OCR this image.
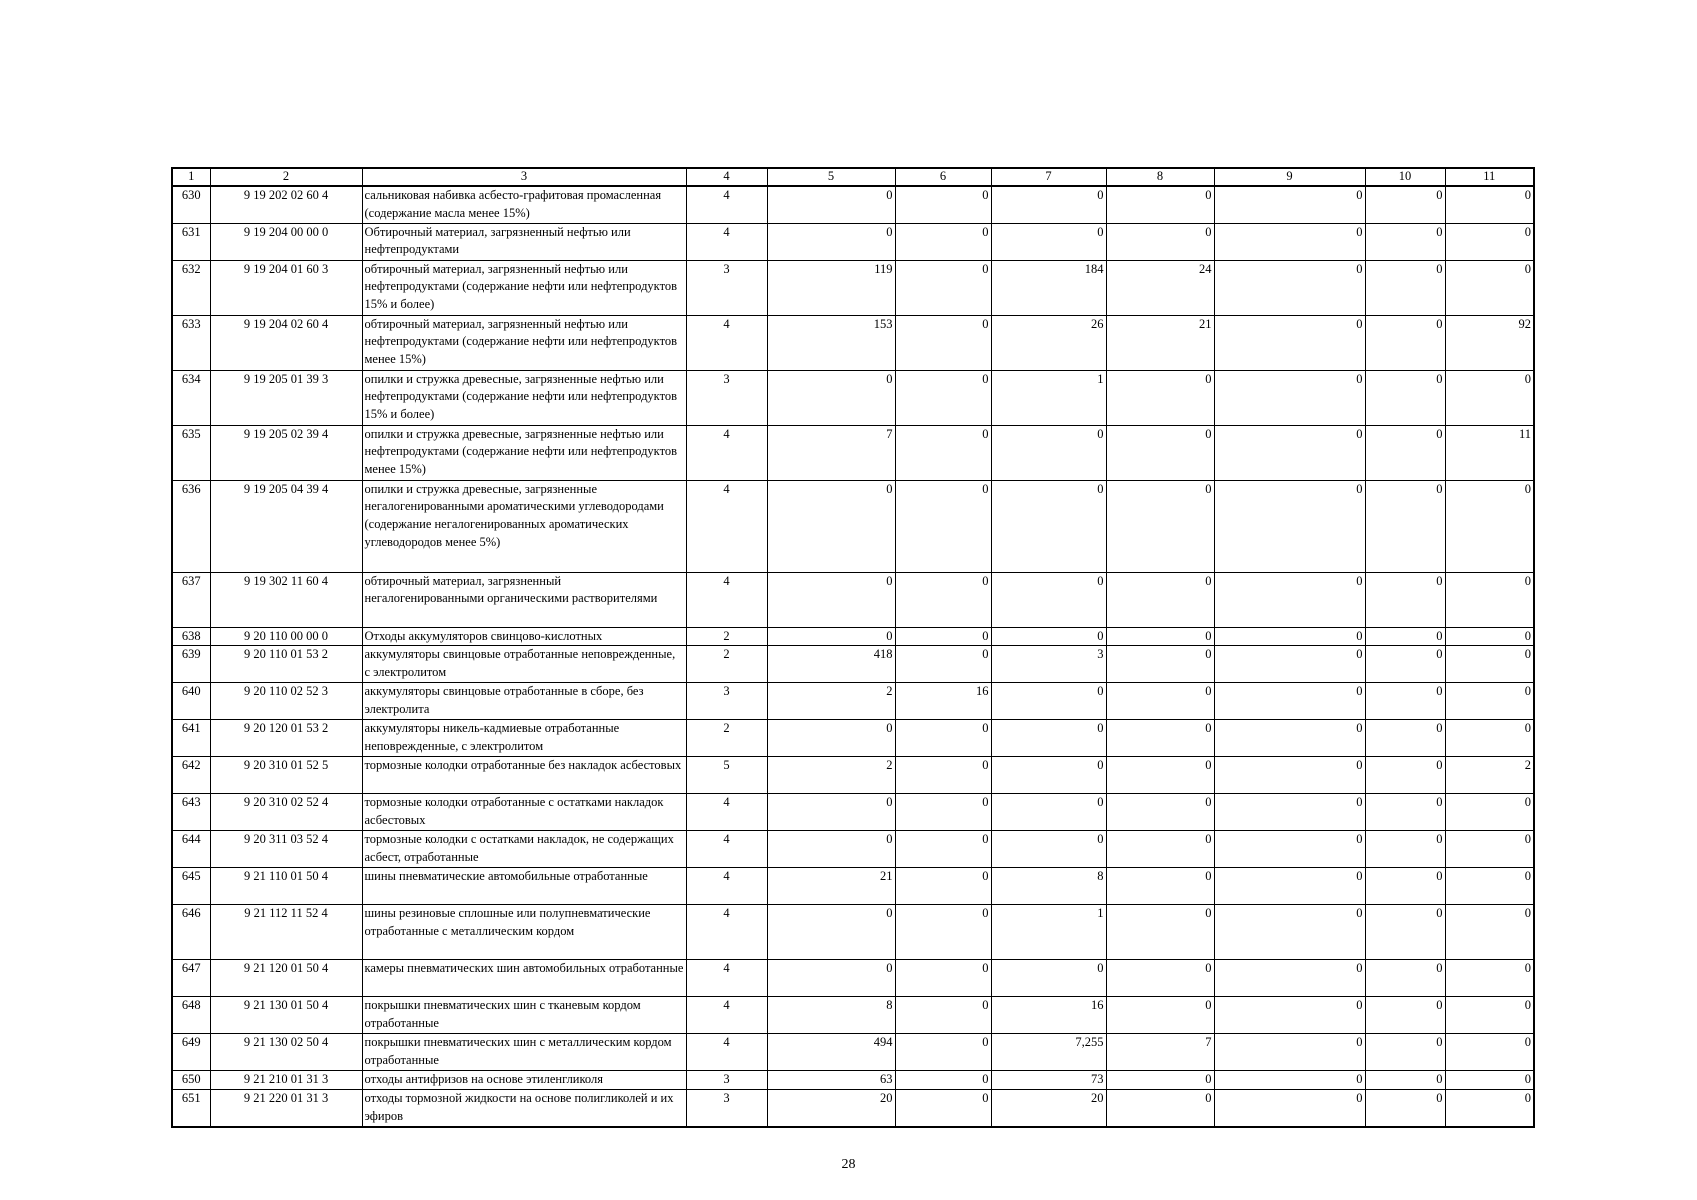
1	2	3	4	5	6	7	8	9	10	11
630	9 19 202 02 60 4	сальниковая набивка асбесто-графитовая промасленная (содержание масла менее 15%)	4	0	0	0	0	0	0	0
631	9 19 204 00 00 0	Обтирочный материал, загрязненный нефтью или нефтепродуктами	4	0	0	0	0	0	0	0
632	9 19 204 01 60 3	обтирочный материал, загрязненный нефтью или нефтепродуктами (содержание нефти или нефтепродуктов 15% и более)	3	119	0	184	24	0	0	0
633	9 19 204 02 60 4	обтирочный материал, загрязненный нефтью или нефтепродуктами (содержание нефти или нефтепродуктов менее 15%)	4	153	0	26	21	0	0	92
634	9 19 205 01 39 3	опилки и стружка древесные, загрязненные нефтью или нефтепродуктами (содержание нефти или нефтепродуктов 15% и более)	3	0	0	1	0	0	0	0
635	9 19 205 02 39 4	опилки и стружка древесные, загрязненные нефтью или нефтепродуктами (содержание нефти или нефтепродуктов менее 15%)	4	7	0	0	0	0	0	11
636	9 19 205 04 39 4	опилки и стружка древесные, загрязненные негалогенированными ароматическими углеводородами (содержание негалогенированных ароматических углеводородов менее 5%)	4	0	0	0	0	0	0	0
637	9 19 302 11 60 4	обтирочный материал, загрязненный негалогенированными органическими растворителями	4	0	0	0	0	0	0	0
638	9 20 110 00 00 0	Отходы аккумуляторов свинцово-кислотных	2	0	0	0	0	0	0	0
639	9 20 110 01 53 2	аккумуляторы свинцовые отработанные неповрежденные, с электролитом	2	418	0	3	0	0	0	0
640	9 20 110 02 52 3	аккумуляторы свинцовые отработанные в сборе, без электролита	3	2	16	0	0	0	0	0
641	9 20 120 01 53 2	аккумуляторы никель-кадмиевые отработанные неповрежденные, с электролитом	2	0	0	0	0	0	0	0
642	9 20 310 01 52 5	тормозные колодки отработанные без накладок асбестовых	5	2	0	0	0	0	0	2
643	9 20 310 02 52 4	тормозные колодки отработанные с остатками накладок асбестовых	4	0	0	0	0	0	0	0
644	9 20 311 03 52 4	тормозные колодки с остатками накладок, не содержащих асбест, отработанные	4	0	0	0	0	0	0	0
645	9 21 110 01 50 4	шины пневматические автомобильные отработанные	4	21	0	8	0	0	0	0
646	9 21 112 11 52 4	шины резиновые сплошные или полупневматические отработанные с металлическим кордом	4	0	0	1	0	0	0	0
647	9 21 120 01 50 4	камеры пневматических шин автомобильных отработанные	4	0	0	0	0	0	0	0
648	9 21 130 01 50 4	покрышки пневматических шин с тканевым кордом отработанные	4	8	0	16	0	0	0	0
649	9 21 130 02 50 4	покрышки пневматических шин с металлическим кордом отработанные	4	494	0	7,255	7	0	0	0
650	9 21 210 01 31 3	отходы антифризов на основе этиленгликоля	3	63	0	73	0	0	0	0
651	9 21 220 01 31 3	отходы тормозной жидкости на основе полигликолей и их эфиров	3	20	0	20	0	0	0	0
28
